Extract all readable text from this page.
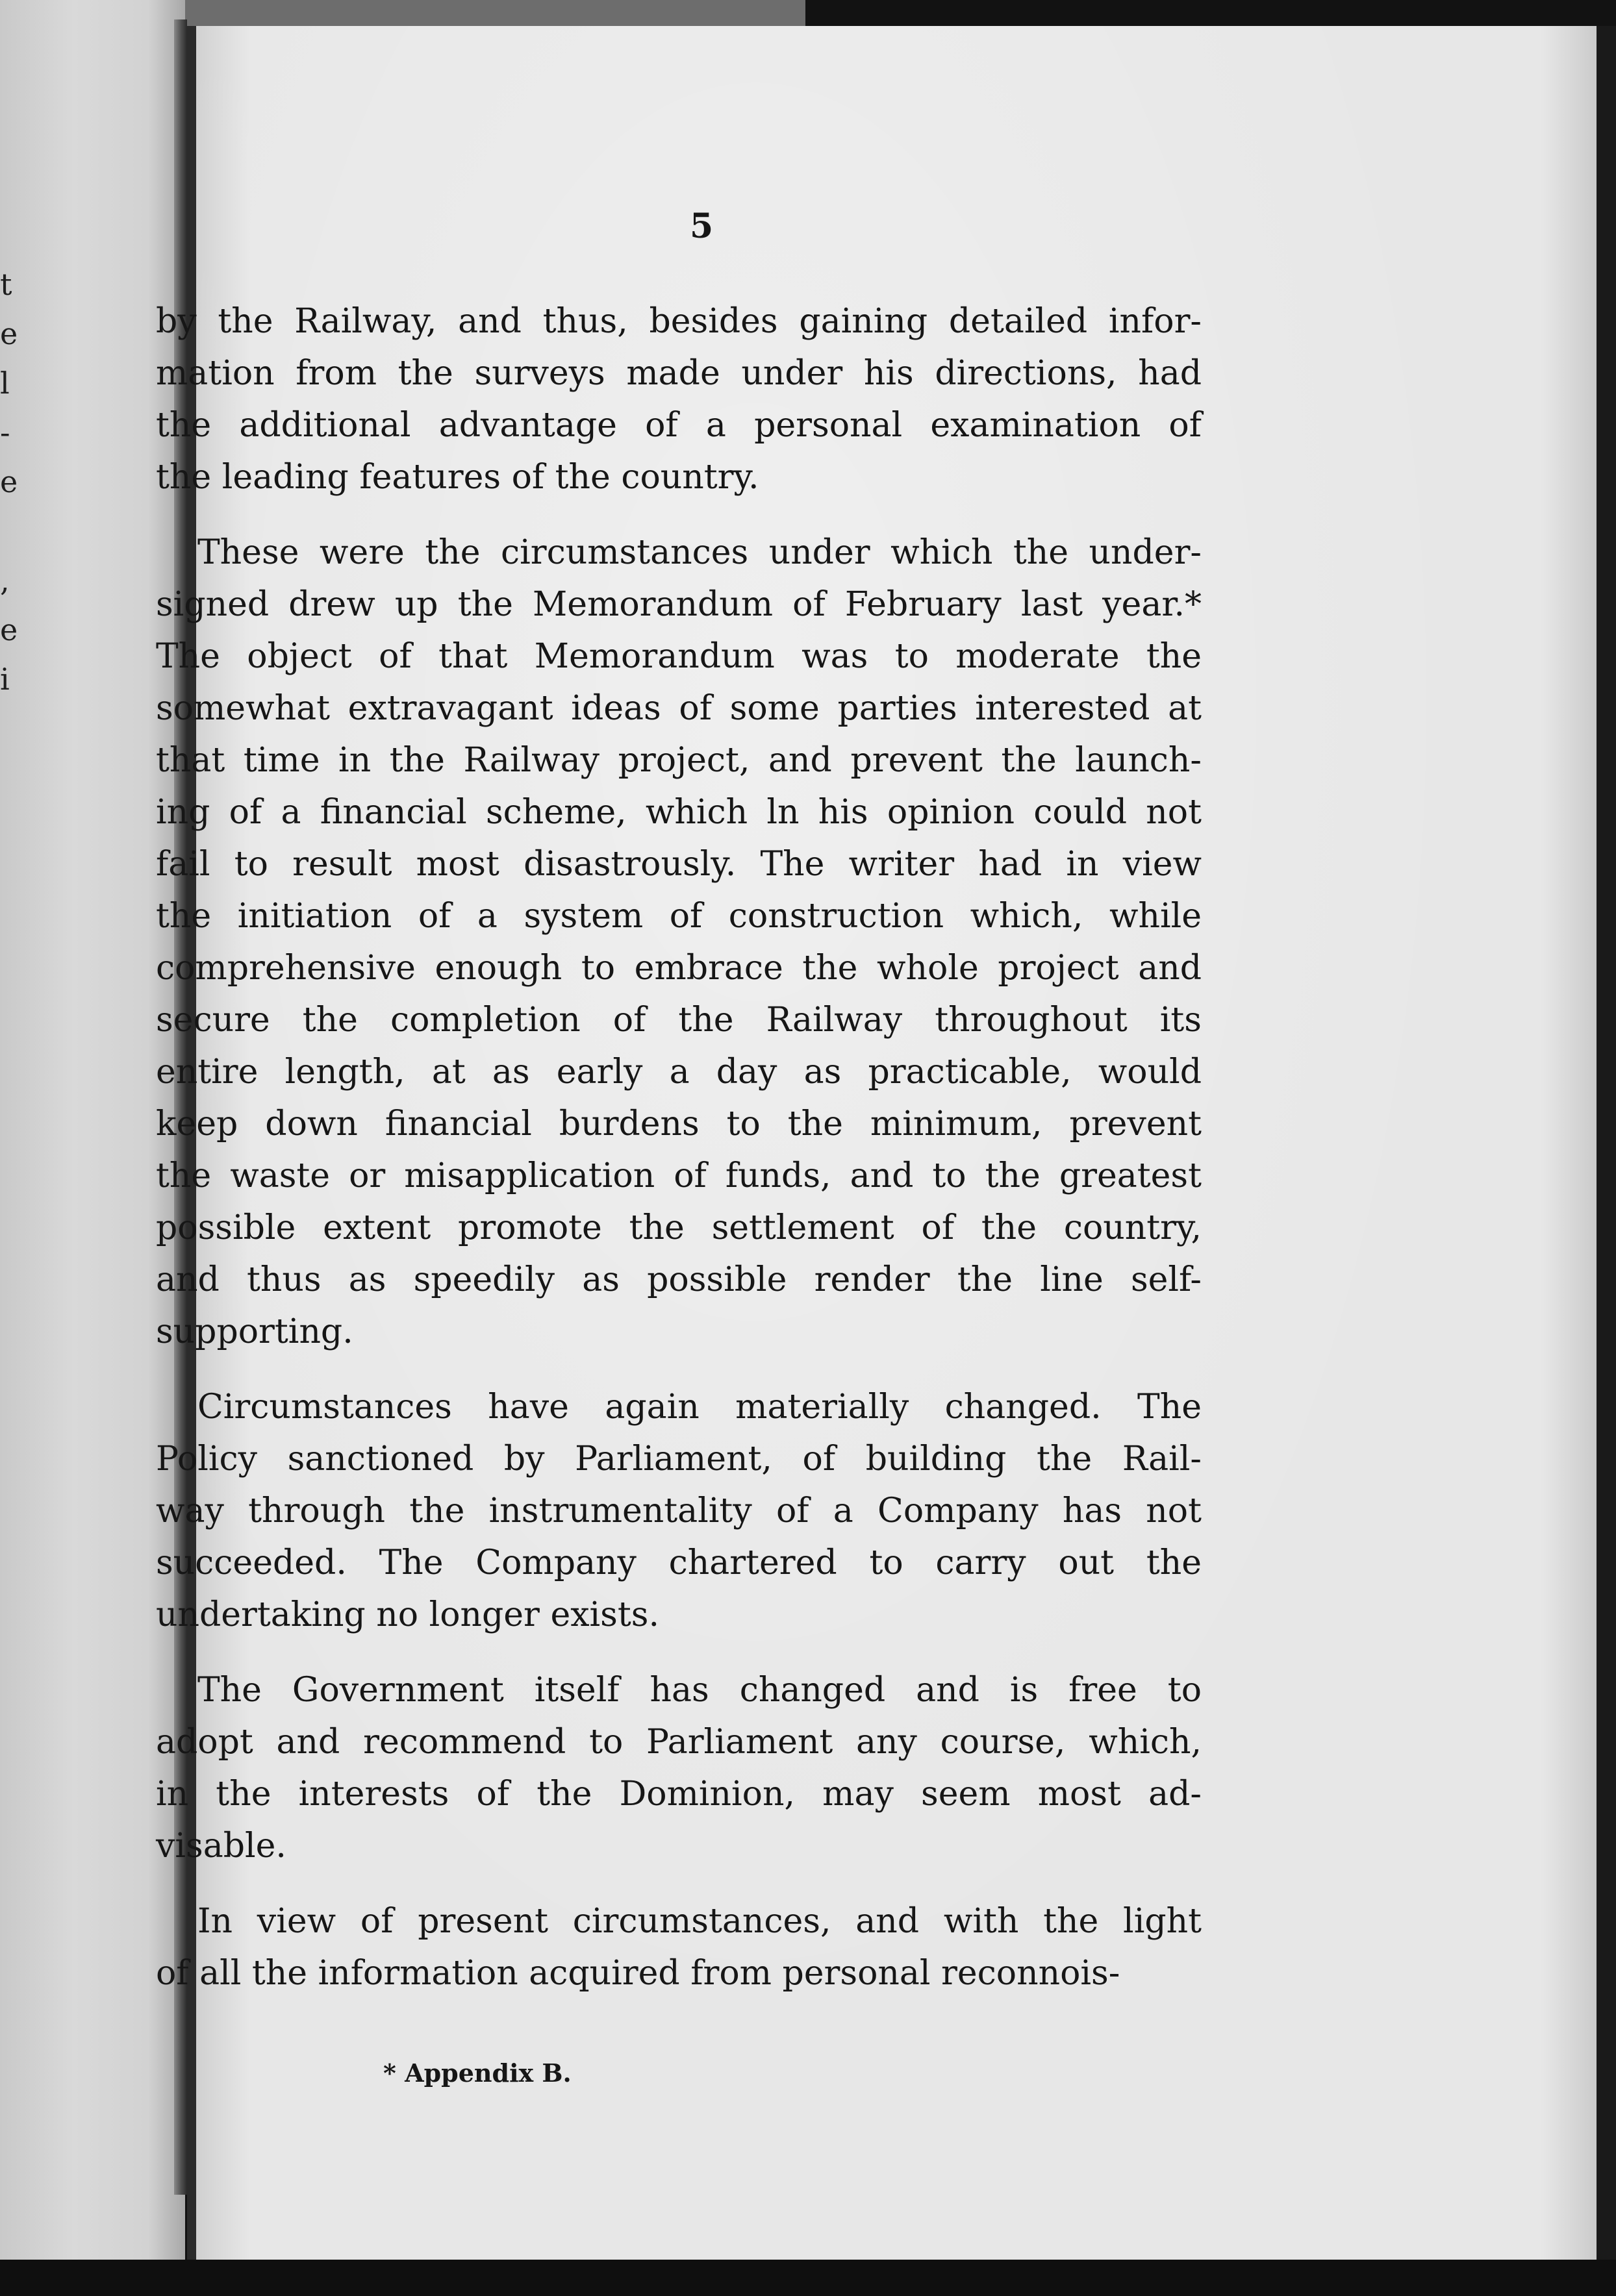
t
e
l
-
e
,
e
i
5

by the Railway, and thus, besides gaining detailed infor-
mation from the surveys made under his directions, had
the additional advantage of a personal examination of
the leading features of the country.

These were the circumstances under which the under-
signed drew up the Memorandum of February last year.*
The object of that Memorandum was to moderate the
somewhat extravagant ideas of some parties interested at
that time in the Railway project, and prevent the launch-
ing of a financial scheme, which ln his opinion could not
fail to result most disastrously. The writer had in view
the initiation of a system of construction which, while
comprehensive enough to embrace the whole project and
secure the completion of the Railway throughout its
entire length, at as early a day as practicable, would
keep down financial burdens to the minimum, prevent
the waste or misapplication of funds, and to the greatest
possible extent promote the settlement of the country,
and thus as speedily as possible render the line self-
supporting.

Circumstances have again materially changed. The
Policy sanctioned by Parliament, of building the Rail-
way through the instrumentality of a Company has not
succeeded. The Company chartered to carry out the
undertaking no longer exists.

The Government itself has changed and is free to
adopt and recommend to Parliament any course, which,
in the interests of the Dominion, may seem most ad-
visable.

In view of present circumstances, and with the light
of all the information acquired from personal reconnois-

* Appendix B.
